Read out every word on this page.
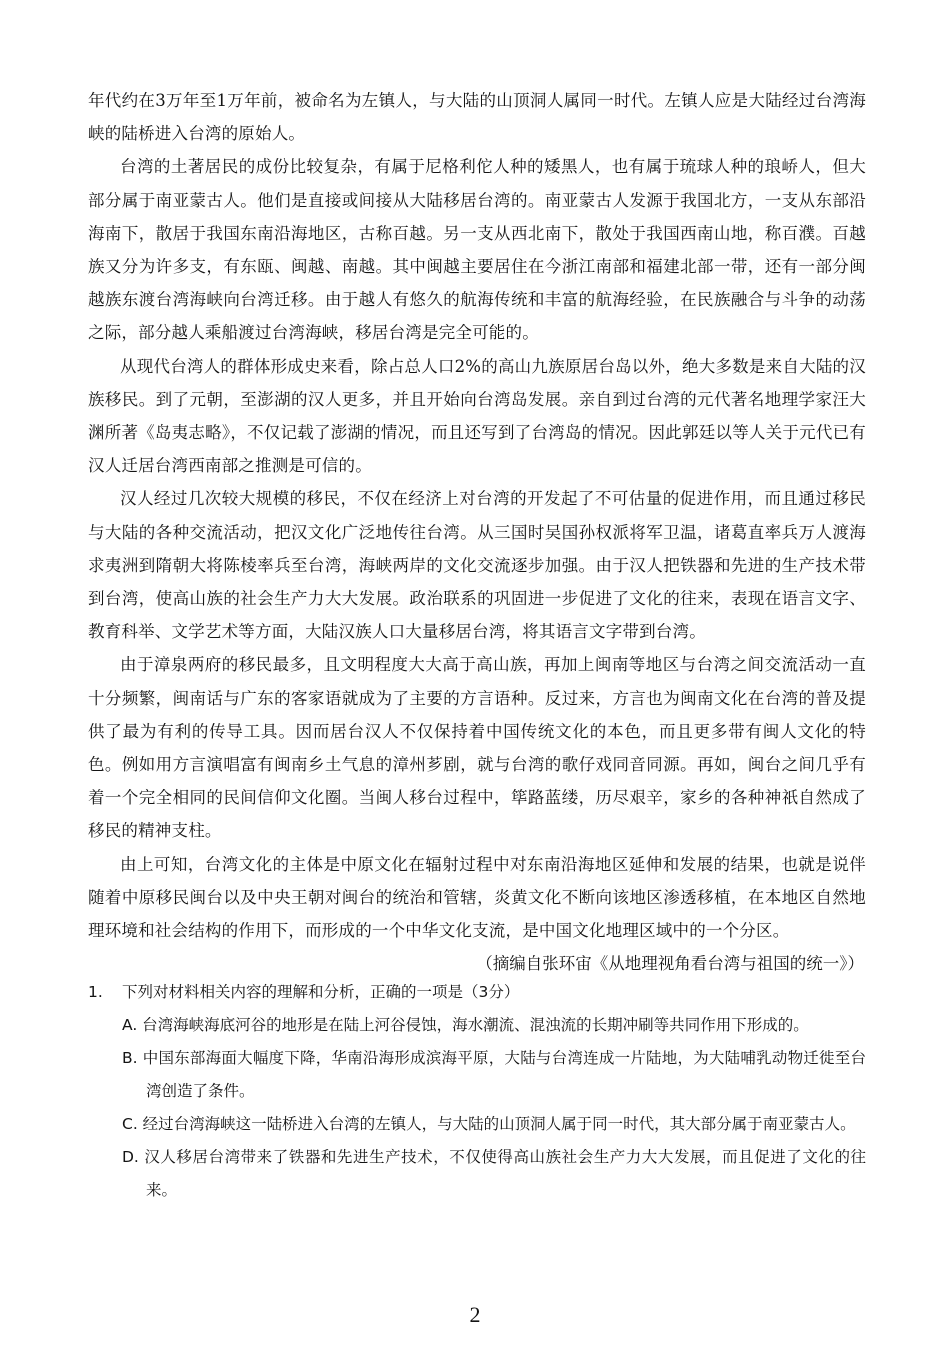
年代约在3万年至1万年前，被命名为左镇人，与大陆的山顶洞人属同一时代。左镇人应是大陆经过台湾海峡的陆桥进入台湾的原始人。

台湾的土著居民的成份比较复杂，有属于尼格利佗人种的矮黑人，也有属于琉球人种的琅峤人，但大部分属于南亚蒙古人。他们是直接或间接从大陆移居台湾的。南亚蒙古人发源于我国北方，一支从东部沿海南下，散居于我国东南沿海地区，古称百越。另一支从西北南下，散处于我国西南山地，称百濮。百越族又分为许多支，有东瓯、闽越、南越。其中闽越主要居住在今浙江南部和福建北部一带，还有一部分闽越族东渡台湾海峡向台湾迁移。由于越人有悠久的航海传统和丰富的航海经验，在民族融合与斗争的动荡之际，部分越人乘船渡过台湾海峡，移居台湾是完全可能的。

从现代台湾人的群体形成史来看，除占总人口2%的高山九族原居台岛以外，绝大多数是来自大陆的汉族移民。到了元朝，至澎湖的汉人更多，并且开始向台湾岛发展。亲自到过台湾的元代著名地理学家汪大渊所著《岛夷志略》，不仅记载了澎湖的情况，而且还写到了台湾岛的情况。因此郭廷以等人关于元代已有汉人迁居台湾西南部之推测是可信的。

汉人经过几次较大规模的移民，不仅在经济上对台湾的开发起了不可估量的促进作用，而且通过移民与大陆的各种交流活动，把汉文化广泛地传往台湾。从三国时吴国孙权派将军卫温，诸葛直率兵万人渡海求夷洲到隋朝大将陈棱率兵至台湾，海峡两岸的文化交流逐步加强。由于汉人把铁器和先进的生产技术带到台湾，使高山族的社会生产力大大发展。政治联系的巩固进一步促进了文化的往来，表现在语言文字、教育科举、文学艺术等方面，大陆汉族人口大量移居台湾，将其语言文字带到台湾。

由于漳泉两府的移民最多，且文明程度大大高于高山族，再加上闽南等地区与台湾之间交流活动一直十分频繁，闽南话与广东的客家语就成为了主要的方言语种。反过来，方言也为闽南文化在台湾的普及提供了最为有利的传导工具。因而居台汉人不仅保持着中国传统文化的本色，而且更多带有闽人文化的特色。例如用方言演唱富有闽南乡土气息的漳州芗剧，就与台湾的歌仔戏同音同源。再如，闽台之间几乎有着一个完全相同的民间信仰文化圈。当闽人移台过程中，筚路蓝缕，历尽艰辛，家乡的各种神祇自然成了移民的精神支柱。

由上可知，台湾文化的主体是中原文化在辐射过程中对东南沿海地区延伸和发展的结果，也就是说伴随着中原移民闽台以及中央王朝对闽台的统治和管辖，炎黄文化不断向该地区渗透移植，在本地区自然地理环境和社会结构的作用下，而形成的一个中华文化支流，是中国文化地理区域中的一个分区。

（摘编自张环宙《从地理视角看台湾与祖国的统一》）

1.	下列对材料相关内容的理解和分析，正确的一项是（3分）
A. 台湾海峡海底河谷的地形是在陆上河谷侵蚀，海水潮流、混浊流的长期冲刷等共同作用下形成的。
B. 中国东部海面大幅度下降，华南沿海形成滨海平原，大陆与台湾连成一片陆地，为大陆哺乳动物迁徙至台湾创造了条件。
C. 经过台湾海峡这一陆桥进入台湾的左镇人，与大陆的山顶洞人属于同一时代，其大部分属于南亚蒙古人。
D. 汉人移居台湾带来了铁器和先进生产技术，不仅使得高山族社会生产力大大发展，而且促进了文化的往来。
2
